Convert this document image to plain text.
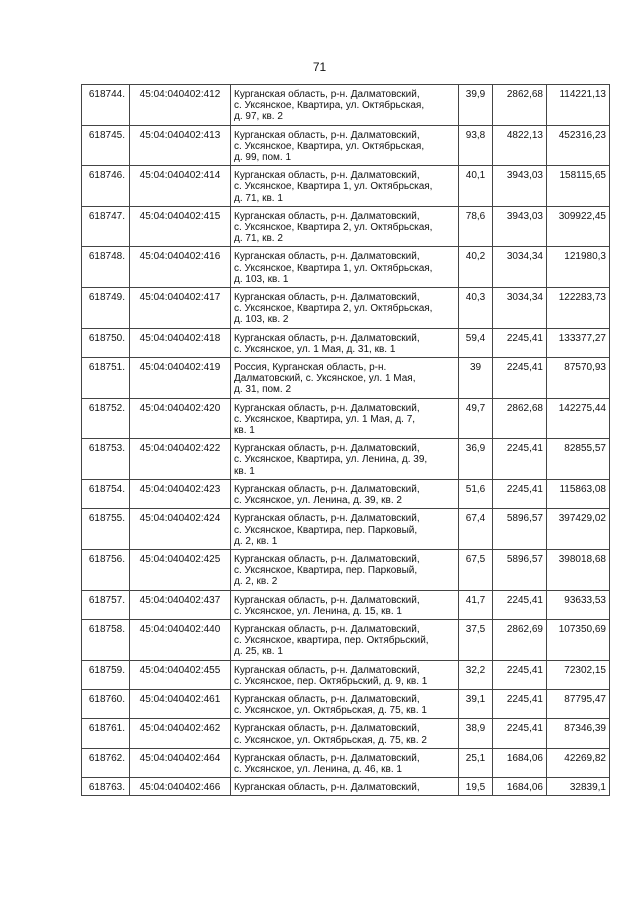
71
618744.	45:04:040402:412	Курганская область, р-н. Далматовский,
с. Уксянское, Квартира, ул. Октябрьская,
д. 97, кв. 2	39,9	2862,68	114221,13
618745.	45:04:040402:413	Курганская область, р-н. Далматовский,
с. Уксянское, Квартира, ул. Октябрьская,
д. 99, пом. 1	93,8	4822,13	452316,23
618746.	45:04:040402:414	Курганская область, р-н. Далматовский,
с. Уксянское, Квартира 1, ул. Октябрьская,
д. 71, кв. 1	40,1	3943,03	158115,65
618747.	45:04:040402:415	Курганская область, р-н. Далматовский,
с. Уксянское, Квартира 2, ул. Октябрьская,
д. 71, кв. 2	78,6	3943,03	309922,45
618748.	45:04:040402:416	Курганская область, р-н. Далматовский,
с. Уксянское, Квартира 1, ул. Октябрьская,
д. 103, кв. 1	40,2	3034,34	121980,3
618749.	45:04:040402:417	Курганская область, р-н. Далматовский,
с. Уксянское, Квартира 2, ул. Октябрьская,
д. 103, кв. 2	40,3	3034,34	122283,73
618750.	45:04:040402:418	Курганская область, р-н. Далматовский,
с. Уксянское, ул. 1 Мая, д. 31, кв. 1	59,4	2245,41	133377,27
618751.	45:04:040402:419	Россия, Курганская область, р-н.
Далматовский, с. Уксянское, ул. 1 Мая,
д. 31, пом. 2	39	2245,41	87570,93
618752.	45:04:040402:420	Курганская область, р-н. Далматовский,
с. Уксянское, Квартира, ул. 1 Мая, д. 7,
кв. 1	49,7	2862,68	142275,44
618753.	45:04:040402:422	Курганская область, р-н. Далматовский,
с. Уксянское, Квартира, ул. Ленина, д. 39,
кв. 1	36,9	2245,41	82855,57
618754.	45:04:040402:423	Курганская область, р-н. Далматовский,
с. Уксянское, ул. Ленина, д. 39, кв. 2	51,6	2245,41	115863,08
618755.	45:04:040402:424	Курганская область, р-н. Далматовский,
с. Уксянское, Квартира, пер. Парковый,
д. 2, кв. 1	67,4	5896,57	397429,02
618756.	45:04:040402:425	Курганская область, р-н. Далматовский,
с. Уксянское, Квартира, пер. Парковый,
д. 2, кв. 2	67,5	5896,57	398018,68
618757.	45:04:040402:437	Курганская область, р-н. Далматовский,
с. Уксянское, ул. Ленина, д. 15, кв. 1	41,7	2245,41	93633,53
618758.	45:04:040402:440	Курганская область, р-н. Далматовский,
с. Уксянское, квартира, пер. Октябрьский,
д. 25, кв. 1	37,5	2862,69	107350,69
618759.	45:04:040402:455	Курганская область, р-н. Далматовский,
с. Уксянское, пер. Октябрьский, д. 9, кв. 1	32,2	2245,41	72302,15
618760.	45:04:040402:461	Курганская область, р-н. Далматовский,
с. Уксянское, ул. Октябрьская, д. 75, кв. 1	39,1	2245,41	87795,47
618761.	45:04:040402:462	Курганская область, р-н. Далматовский,
с. Уксянское, ул. Октябрьская, д. 75, кв. 2	38,9	2245,41	87346,39
618762.	45:04:040402:464	Курганская область, р-н. Далматовский,
с. Уксянское, ул. Ленина, д. 46, кв. 1	25,1	1684,06	42269,82
618763.	45:04:040402:466	Курганская область, р-н. Далматовский,	19,5	1684,06	32839,1
